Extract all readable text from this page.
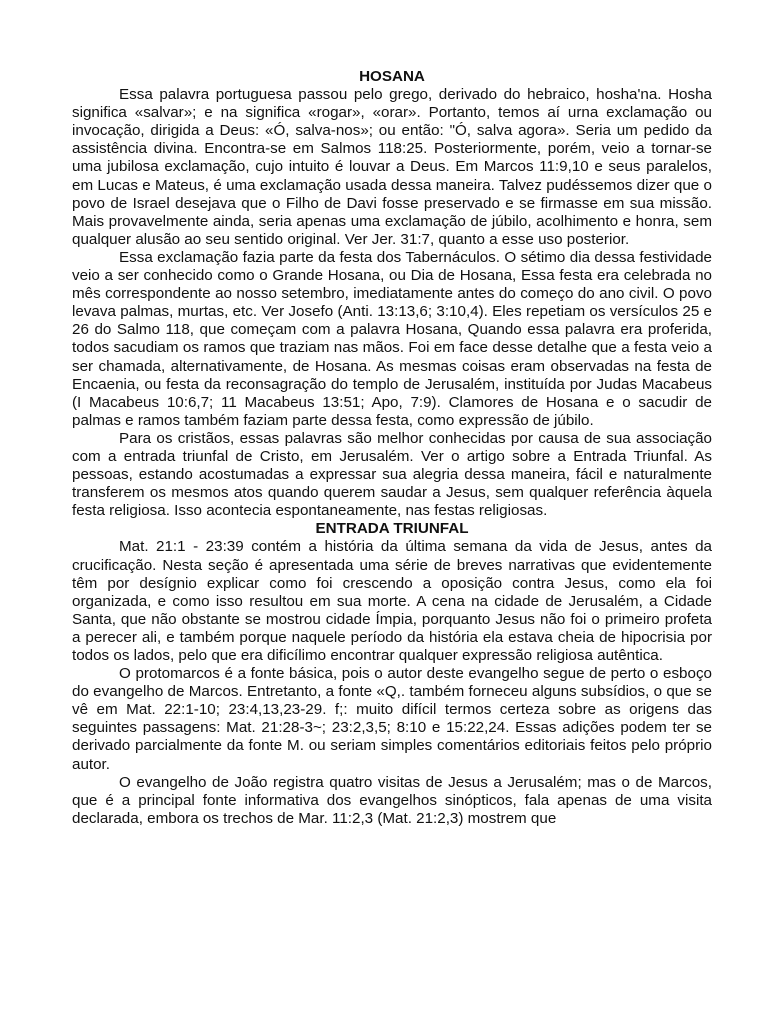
HOSANA

Essa palavra portuguesa passou pelo grego, derivado do hebraico, hosha'na. Hosha significa «salvar»; e na significa «rogar», «orar». Portanto, temos aí urna exclamação ou invocação, dirigida a Deus: «Ó, salva-nos»; ou então: "Ó, salva agora». Seria um pedido da assistência divina. Encontra-se em Salmos 118:25. Posteriormente, porém, veio a tornar-se uma jubilosa exclamação, cujo intuito é louvar a Deus. Em Marcos 11:9,10 e seus paralelos, em Lucas e Mateus, é uma exclamação usada dessa maneira. Talvez pudéssemos dizer que o povo de Israel desejava que o Filho de Davi fosse preservado e se firmasse em sua missão. Mais provavelmente ainda, seria apenas uma exclamação de júbilo, acolhimento e honra, sem qualquer alusão ao seu sentido original. Ver Jer. 31:7, quanto a esse uso posterior.

Essa exclamação fazia parte da festa dos Tabernáculos. O sétimo dia dessa festividade veio a ser conhecido como o Grande Hosana, ou Dia de Hosana, Essa festa era celebrada no mês correspondente ao nosso setembro, imediatamente antes do começo do ano civil. O povo levava palmas, murtas, etc. Ver Josefo (Anti. 13:13,6; 3:10,4). Eles repetiam os versículos 25 e 26 do Salmo 118, que começam com a palavra Hosana, Quando essa palavra era proferida, todos sacudiam os ramos que traziam nas mãos. Foi em face desse detalhe que a festa veio a ser chamada, alternativamente, de Hosana. As mesmas coisas eram observadas na festa de Encaenia, ou festa da reconsagração do templo de Jerusalém, instituída por Judas Macabeus (I Macabeus 10:6,7; 11 Macabeus 13:51; Apo, 7:9). Clamores de Hosana e o sacudir de palmas e ramos também faziam parte dessa festa, como expressão de júbilo.

Para os cristãos, essas palavras são melhor conhecidas por causa de sua associação com a entrada triunfal de Cristo, em Jerusalém. Ver o artigo sobre a Entrada Triunfal. As pessoas, estando acostumadas a expressar sua alegria dessa maneira, fácil e naturalmente transferem os mesmos atos quando querem saudar a Jesus, sem qualquer referência àquela festa religiosa. Isso acontecia espontaneamente, nas festas religiosas.

ENTRADA TRIUNFAL

Mat. 21:1 - 23:39 contém a história da última semana da vida de Jesus, antes da crucificação. Nesta seção é apresentada uma série de breves narrativas que evidentemente têm por desígnio explicar como foi crescendo a oposição contra Jesus, como ela foi organizada, e como isso resultou em sua morte. A cena na cidade de Jerusalém, a Cidade Santa, que não obstante se mostrou cidade Ímpia, porquanto Jesus não foi o primeiro profeta a perecer ali, e também porque naquele período da história ela estava cheia de hipocrisia por todos os lados, pelo que era dificílimo encontrar qualquer expressão religiosa autêntica.

O protomarcos é a fonte básica, pois o autor deste evangelho segue de perto o esboço do evangelho de Marcos. Entretanto, a fonte «Q,. também forneceu alguns subsídios, o que se vê em Mat. 22:1-10; 23:4,13,23-29. f;: muito difícil termos certeza sobre as origens das seguintes passagens: Mat. 21:28-3~; 23:2,3,5; 8:10 e 15:22,24. Essas adições podem ter se derivado parcialmente da fonte M. ou seriam simples comentários editoriais feitos pelo próprio autor.

O evangelho de João registra quatro visitas de Jesus a Jerusalém; mas o de Marcos, que é a principal fonte informativa dos evangelhos sinópticos, fala apenas de uma visita declarada, embora os trechos de Mar. 11:2,3 (Mat. 21:2,3) mostrem que
